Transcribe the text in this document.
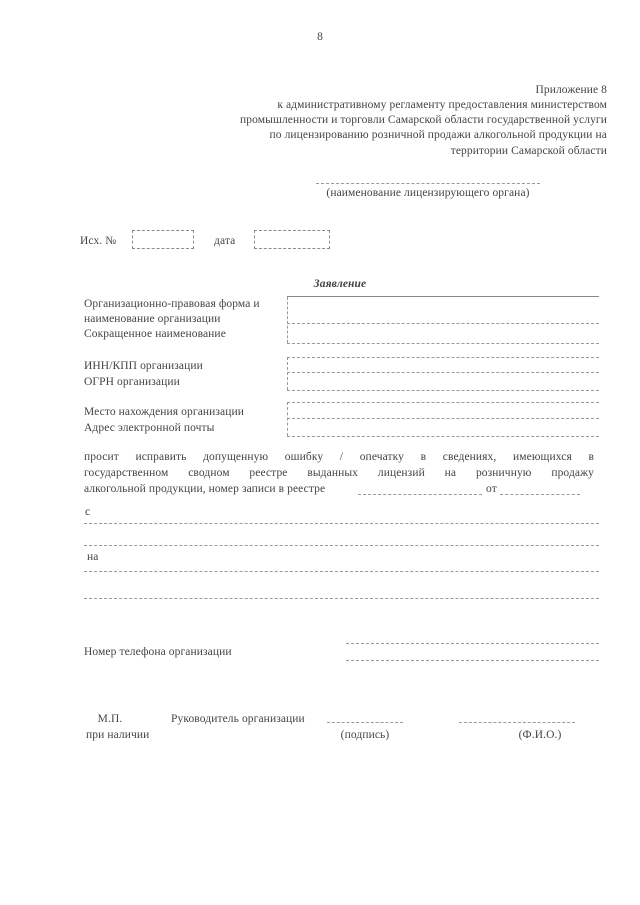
8
Приложение 8
к административному регламенту предоставления министерством
промышленности и торговли Самарской области государственной услуги
по лицензированию розничной продажи алкогольной продукции на
территории Самарской области
(наименование лицензирующего органа)
Исх. №	дата
Заявление
Организационно-правовая форма и
наименование организации
Сокращенное наименование
ИНН/КПП организации
ОГРН организации
Место нахождения организации
Адрес электронной почты
просит исправить допущенную ошибку / опечатку в сведениях, имеющихся в
государственном сводном реестре выданных лицензий на розничную продажу
алкогольной продукции, номер записи в реестре	от
с
на
Номер телефона организации
М.П.
при наличии
Руководитель организации
(подпись)	(Ф.И.О.)
